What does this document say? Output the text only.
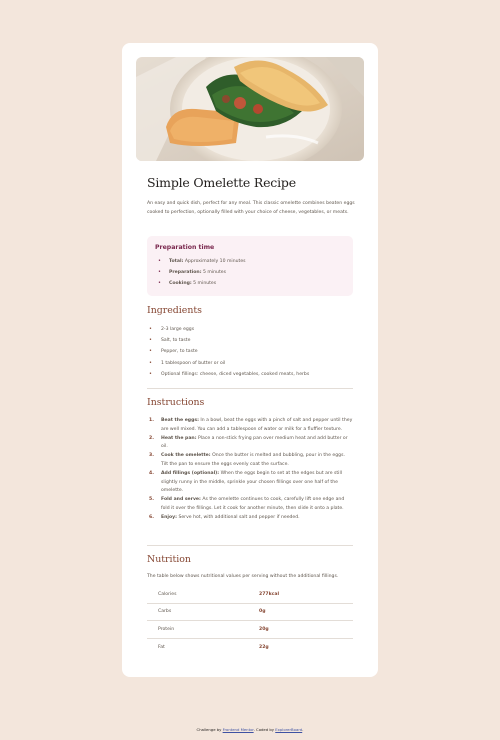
Simple Omelette Recipe

An easy and quick dish, perfect for any meal. This classic omelette combines beaten eggs cooked to perfection, optionally filled with your choice of cheese, vegetables, or meats.

Preparation time
• Total: Approximately 10 minutes
• Preparation: 5 minutes
• Cooking: 5 minutes
Ingredients
• 2-3 large eggs
• Salt, to taste
• Pepper, to taste
• 1 tablespoon of butter or oil
• Optional fillings: cheese, diced vegetables, cooked meats, herbs
Instructions
1. Beat the eggs: In a bowl, beat the eggs with a pinch of salt and pepper until they are well mixed. You can add a tablespoon of water or milk for a fluffier texture.
2. Heat the pan: Place a non-stick frying pan over medium heat and add butter or oil.
3. Cook the omelette: Once the butter is melted and bubbling, pour in the eggs. Tilt the pan to ensure the eggs evenly coat the surface.
4. Add fillings (optional): When the eggs begin to set at the edges but are still slightly runny in the middle, sprinkle your chosen fillings over one half of the omelette.
5. Fold and serve: As the omelette continues to cook, carefully lift one edge and fold it over the fillings. Let it cook for another minute, then slide it onto a plate.
6. Enjoy: Serve hot, with additional salt and pepper if needed.
Nutrition

The table below shows nutritional values per serving without the additional fillings.

Calories	277kcal
Carbs	0g
Protein	20g
Fat	22g
Challenge by Frontend Mentor. Coded by ExplorerBoard.
